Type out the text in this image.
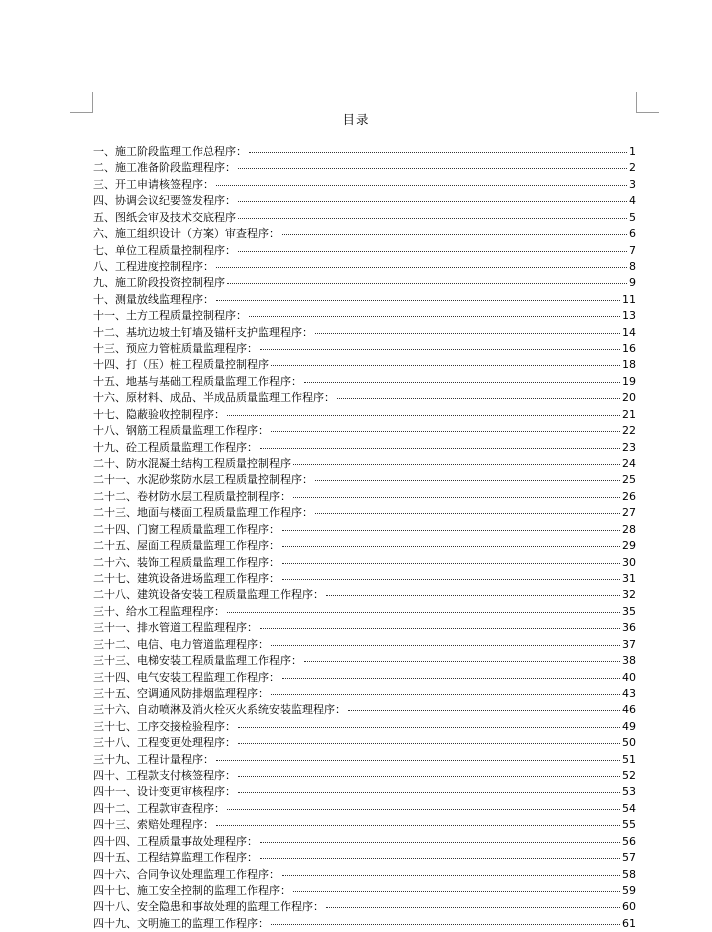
目录
一、施工阶段监理工作总程序：	1
二、施工准备阶段监理程序：	2
三、开工申请核签程序：	3
四、协调会议纪要签发程序：	4
五、图纸会审及技术交底程序	5
六、施工组织设计（方案）审查程序：	6
七、单位工程质量控制程序：	7
八、工程进度控制程序：	8
九、施工阶段投资控制程序	9
十、测量放线监理程序：	11
十一、土方工程质量控制程序：	13
十二、基坑边坡土钉墙及锚杆支护监理程序：	14
十三、预应力管桩质量监理程序：	16
十四、打（压）桩工程质量控制程序	18
十五、地基与基础工程质量监理工作程序：	19
十六、原材料、成品、半成品质量监理工作程序：	20
十七、隐蔽验收控制程序：	21
十八、钢筋工程质量监理工作程序：	22
十九、砼工程质量监理工作程序：	23
二十、防水混凝土结构工程质量控制程序	24
二十一、水泥砂浆防水层工程质量控制程序：	25
二十二、卷材防水层工程质量控制程序：	26
二十三、地面与楼面工程质量监理工作程序：	27
二十四、门窗工程质量监理工作程序：	28
二十五、屋面工程质量监理工作程序：	29
二十六、装饰工程质量监理工作程序：	30
二十七、建筑设备进场监理工作程序：	31
二十八、建筑设备安装工程质量监理工作程序：	32
三十、给水工程监理程序：	35
三十一、排水管道工程监理程序：	36
三十二、电信、电力管道监理程序：	37
三十三、电梯安装工程质量监理工作程序：	38
三十四、电气安装工程监理工作程序：	40
三十五、空调通风防排烟监理程序：	43
三十六、自动喷淋及消火栓灭火系统安装监理程序：	46
三十七、工序交接检验程序：	49
三十八、工程变更处理程序：	50
三十九、工程计量程序：	51
四十、工程款支付核签程序：	52
四十一、设计变更审核程序：	53
四十二、工程款审查程序：	54
四十三、索赔处理程序：	55
四十四、工程质量事故处理程序：	56
四十五、工程结算监理工作程序：	57
四十六、合同争议处理监理工作程序：	58
四十七、施工安全控制的监理工作程序：	59
四十八、安全隐患和事故处理的监理工作程序：	60
四十九、文明施工的监理工作程序：	61
